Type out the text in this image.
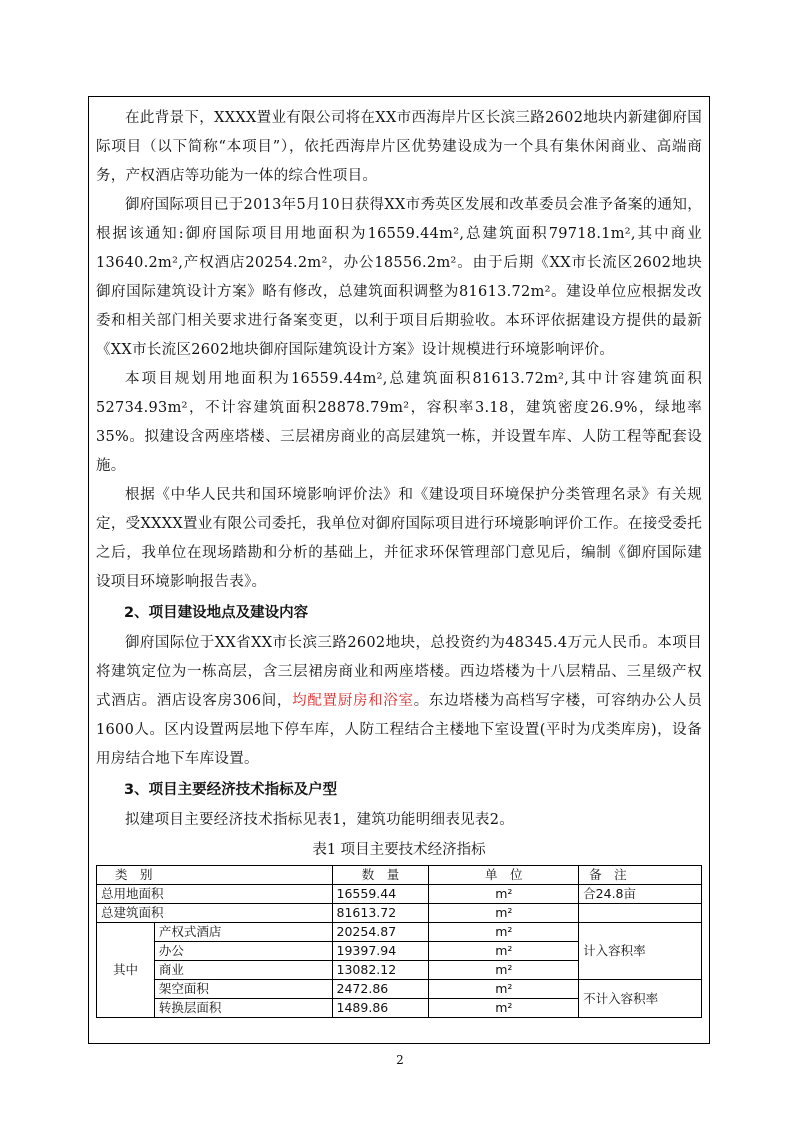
在此背景下，XXXX置业有限公司将在XX市西海岸片区长滨三路2602地块内新建御府国际项目（以下简称“本项目”），依托西海岸片区优势建设成为一个具有集休闲商业、高端商务，产权酒店等功能为一体的综合性项目。

御府国际项目已于2013年5月10日获得XX市秀英区发展和改革委员会准予备案的通知，根据该通知:御府国际项目用地面积为16559.44m²,总建筑面积79718.1m²,其中商业13640.2m²,产权酒店20254.2m²，办公18556.2m²。由于后期《XX市长流区2602地块御府国际建筑设计方案》略有修改，总建筑面积调整为81613.72m²。建设单位应根据发改委和相关部门相关要求进行备案变更，以利于项目后期验收。本环评依据建设方提供的最新《XX市长流区2602地块御府国际建筑设计方案》设计规模进行环境影响评价。

本项目规划用地面积为16559.44m²,总建筑面积81613.72m²,其中计容建筑面积52734.93m²，不计容建筑面积28878.79m²，容积率3.18，建筑密度26.9%，绿地率35%。拟建设含两座塔楼、三层裙房商业的高层建筑一栋，并设置车库、人防工程等配套设施。

根据《中华人民共和国环境影响评价法》和《建设项目环境保护分类管理名录》有关规定，受XXXX置业有限公司委托，我单位对御府国际项目进行环境影响评价工作。在接受委托之后，我单位在现场踏勘和分析的基础上，并征求环保管理部门意见后，编制《御府国际建设项目环境影响报告表》。

2、项目建设地点及建设内容

御府国际位于XX省XX市长滨三路2602地块，总投资约为48345.4万元人民币。本项目将建筑定位为一栋高层，含三层裙房商业和两座塔楼。西边塔楼为十八层精品、三星级产权式酒店。酒店设客房306间，均配置厨房和浴室。东边塔楼为高档写字楼，可容纳办公人员1600人。区内设置两层地下停车库，人防工程结合主楼地下室设置(平时为戊类库房)，设备用房结合地下车库设置。

3、项目主要经济技术指标及户型

拟建项目主要经济技术指标见表1，建筑功能明细表见表2。

表1 项目主要技术经济指标
类　别		数　量	单　位	备　注
总用地面积		16559.44	m²	合24.8亩
总建筑面积		81613.72	m²	
其中	产权式酒店	20254.87	m²	计入容积率
	办公	19397.94	m²	
	商业	13082.12	m²	
	架空面积	2472.86	m²	不计入容积率
	转换层面积	1489.86	m²	
2
